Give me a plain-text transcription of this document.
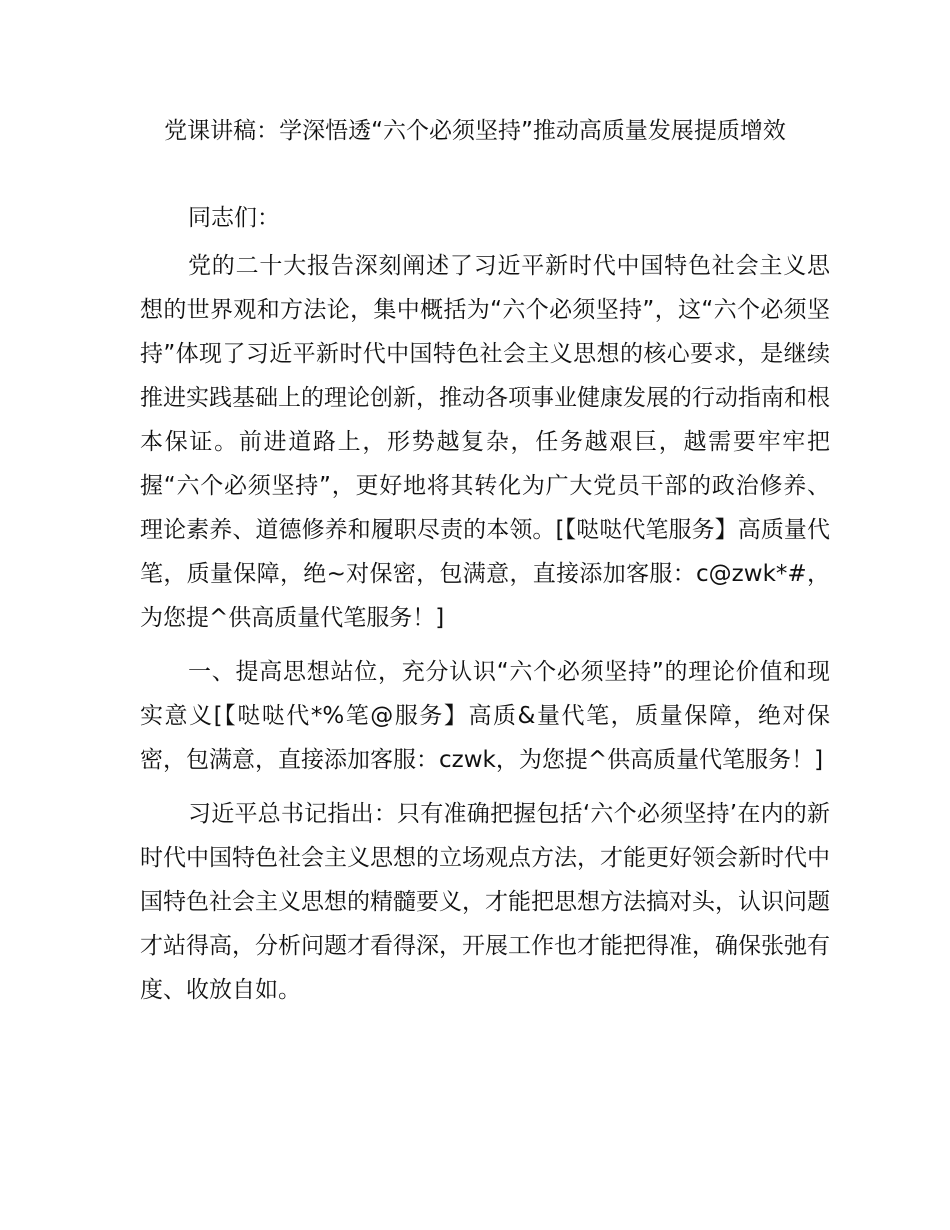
党课讲稿：学深悟透“六个必须坚持”推动高质量发展提质增效

同志们：

党的二十大报告深刻阐述了习近平新时代中国特色社会主义思想的世界观和方法论，集中概括为“六个必须坚持”，这“六个必须坚持”体现了习近平新时代中国特色社会主义思想的核心要求，是继续推进实践基础上的理论创新，推动各项事业健康发展的行动指南和根本保证。前进道路上，形势越复杂，任务越艰巨，越需要牢牢把握“六个必须坚持”，更好地将其转化为广大党员干部的政治修养、理论素养、道德修养和履职尽责的本领。[【哒哒代笔服务】高质量代笔，质量保障，绝~对保密，包满意，直接添加客服：c@zwk*#，为您提^供高质量代笔服务！]

一、提高思想站位，充分认识“六个必须坚持”的理论价值和现实意义[【哒哒代*%笔@服务】高质&量代笔，质量保障，绝对保密，包满意，直接添加客服：czwk，为您提^供高质量代笔服务！]

习近平总书记指出：只有准确把握包括‘六个必须坚持’在内的新时代中国特色社会主义思想的立场观点方法，才能更好领会新时代中国特色社会主义思想的精髓要义，才能把思想方法搞对头，认识问题才站得高，分析问题才看得深，开展工作也才能把得准，确保张弛有度、收放自如。
